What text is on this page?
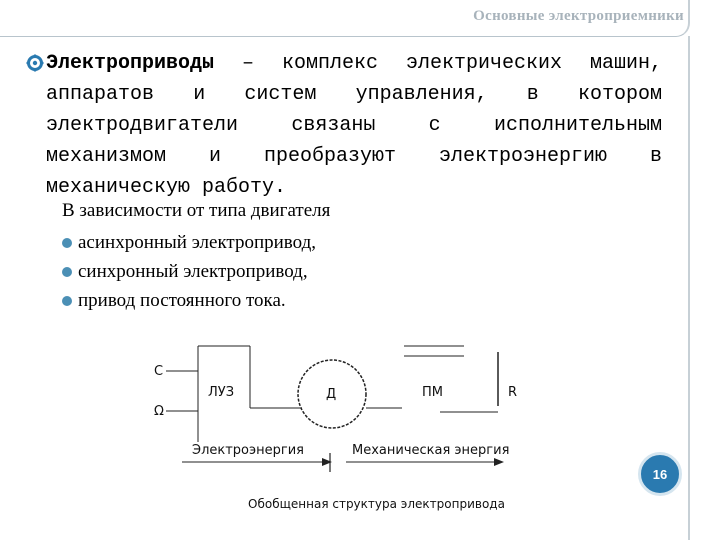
Основные электроприемники
Электроприводы – комплекс электрических машин, аппаратов и систем управления, в котором электродвигатели связаны с исполнительным механизмом и преобразуют электроэнергию в механическую работу.
В зависимости от типа двигателя
асинхронный электропривод,
синхронный электропривод,
привод постоянного тока.
C
Ω
ЛУЗ	Д	ПМ	R
Электроэнергия	Механическая энергия
Обобщенная структура электропривода
16
